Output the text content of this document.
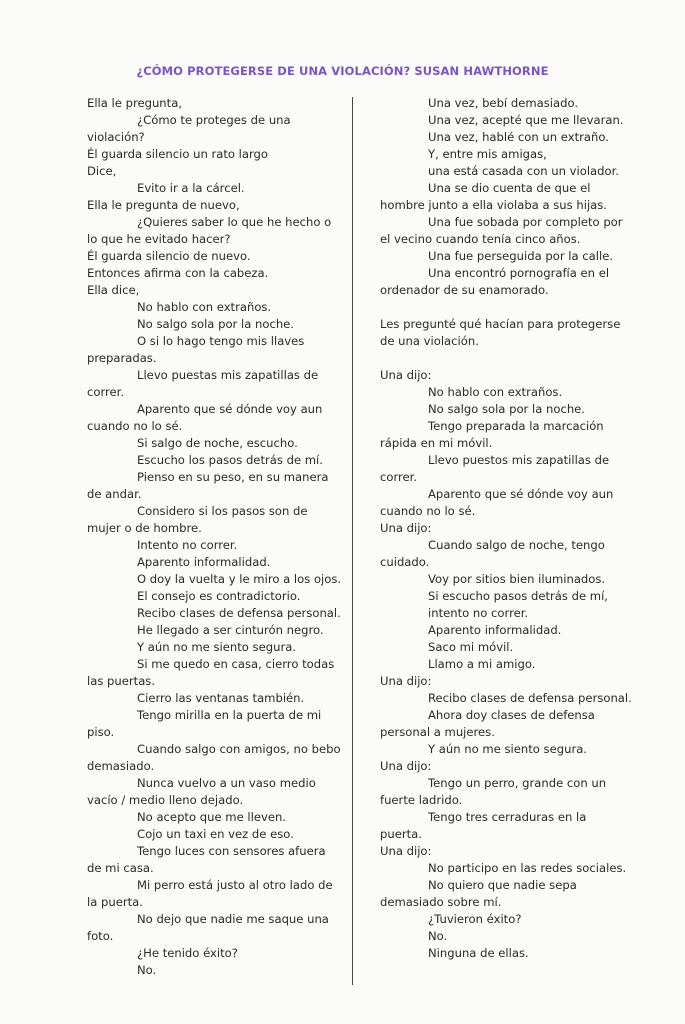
¿CÓMO PROTEGERSE DE UNA VIOLACIÓN? SUSAN HAWTHORNE
Ella le pregunta,
¿Cómo te proteges de una
violación?
Él guarda silencio un rato largo
Dice,
Evito ir a la cárcel.
Ella le pregunta de nuevo,
¿Quieres saber lo que he hecho o
lo que he evitado hacer?
Él guarda silencio de nuevo.
Entonces afirma con la cabeza.
Ella dice,
No hablo con extraños.
No salgo sola por la noche.
O si lo hago tengo mis llaves
preparadas.
Llevo puestas mis zapatillas de
correr.
Aparento que sé dónde voy aun
cuando no lo sé.
Si salgo de noche, escucho.
Escucho los pasos detrás de mí.
Pienso en su peso, en su manera
de andar.
Considero si los pasos son de
mujer o de hombre.
Intento no correr.
Aparento informalidad.
O doy la vuelta y le miro a los ojos.
El consejo es contradictorio.
Recibo clases de defensa personal.
He llegado a ser cinturón negro.
Y aún no me siento segura.
Si me quedo en casa, cierro todas
las puertas.
Cierro las ventanas también.
Tengo mirilla en la puerta de mi
piso.
Cuando salgo con amigos, no bebo
demasiado.
Nunca vuelvo a un vaso medio
vacío / medio lleno dejado.
No acepto que me lleven.
Cojo un taxi en vez de eso.
Tengo luces con sensores afuera
de mi casa.
Mi perro está justo al otro lado de
la puerta.
No dejo que nadie me saque una
foto.
¿He tenido éxito?
No.
Una vez, bebí demasiado.
Una vez, acepté que me llevaran.
Una vez, hablé con un extraño.
Y, entre mis amigas,
una está casada con un violador.
Una se dio cuenta de que el
hombre junto a ella violaba a sus hijas.
Una fue sobada por completo por
el vecino cuando tenía cinco años.
Una fue perseguida por la calle.
Una encontró pornografía en el
ordenador de su enamorado.
Les pregunté qué hacían para protegerse
de una violación.
Una dijo:
No hablo con extraños.
No salgo sola por la noche.
Tengo preparada la marcación
rápida en mi móvil.
Llevo puestos mis zapatillas de
correr.
Aparento que sé dónde voy aun
cuando no lo sé.
Una dijo:
Cuando salgo de noche, tengo
cuidado.
Voy por sitios bien iluminados.
Si escucho pasos detrás de mí,
intento no correr.
Aparento informalidad.
Saco mi móvil.
Llamo a mi amigo.
Una dijo:
Recibo clases de defensa personal.
Ahora doy clases de defensa
personal a mujeres.
Y aún no me siento segura.
Una dijo:
Tengo un perro, grande con un
fuerte ladrido.
Tengo tres cerraduras en la
puerta.
Una dijo:
No participo en las redes sociales.
No quiero que nadie sepa
demasiado sobre mí.
¿Tuvieron éxito?
No.
Ninguna de ellas.
